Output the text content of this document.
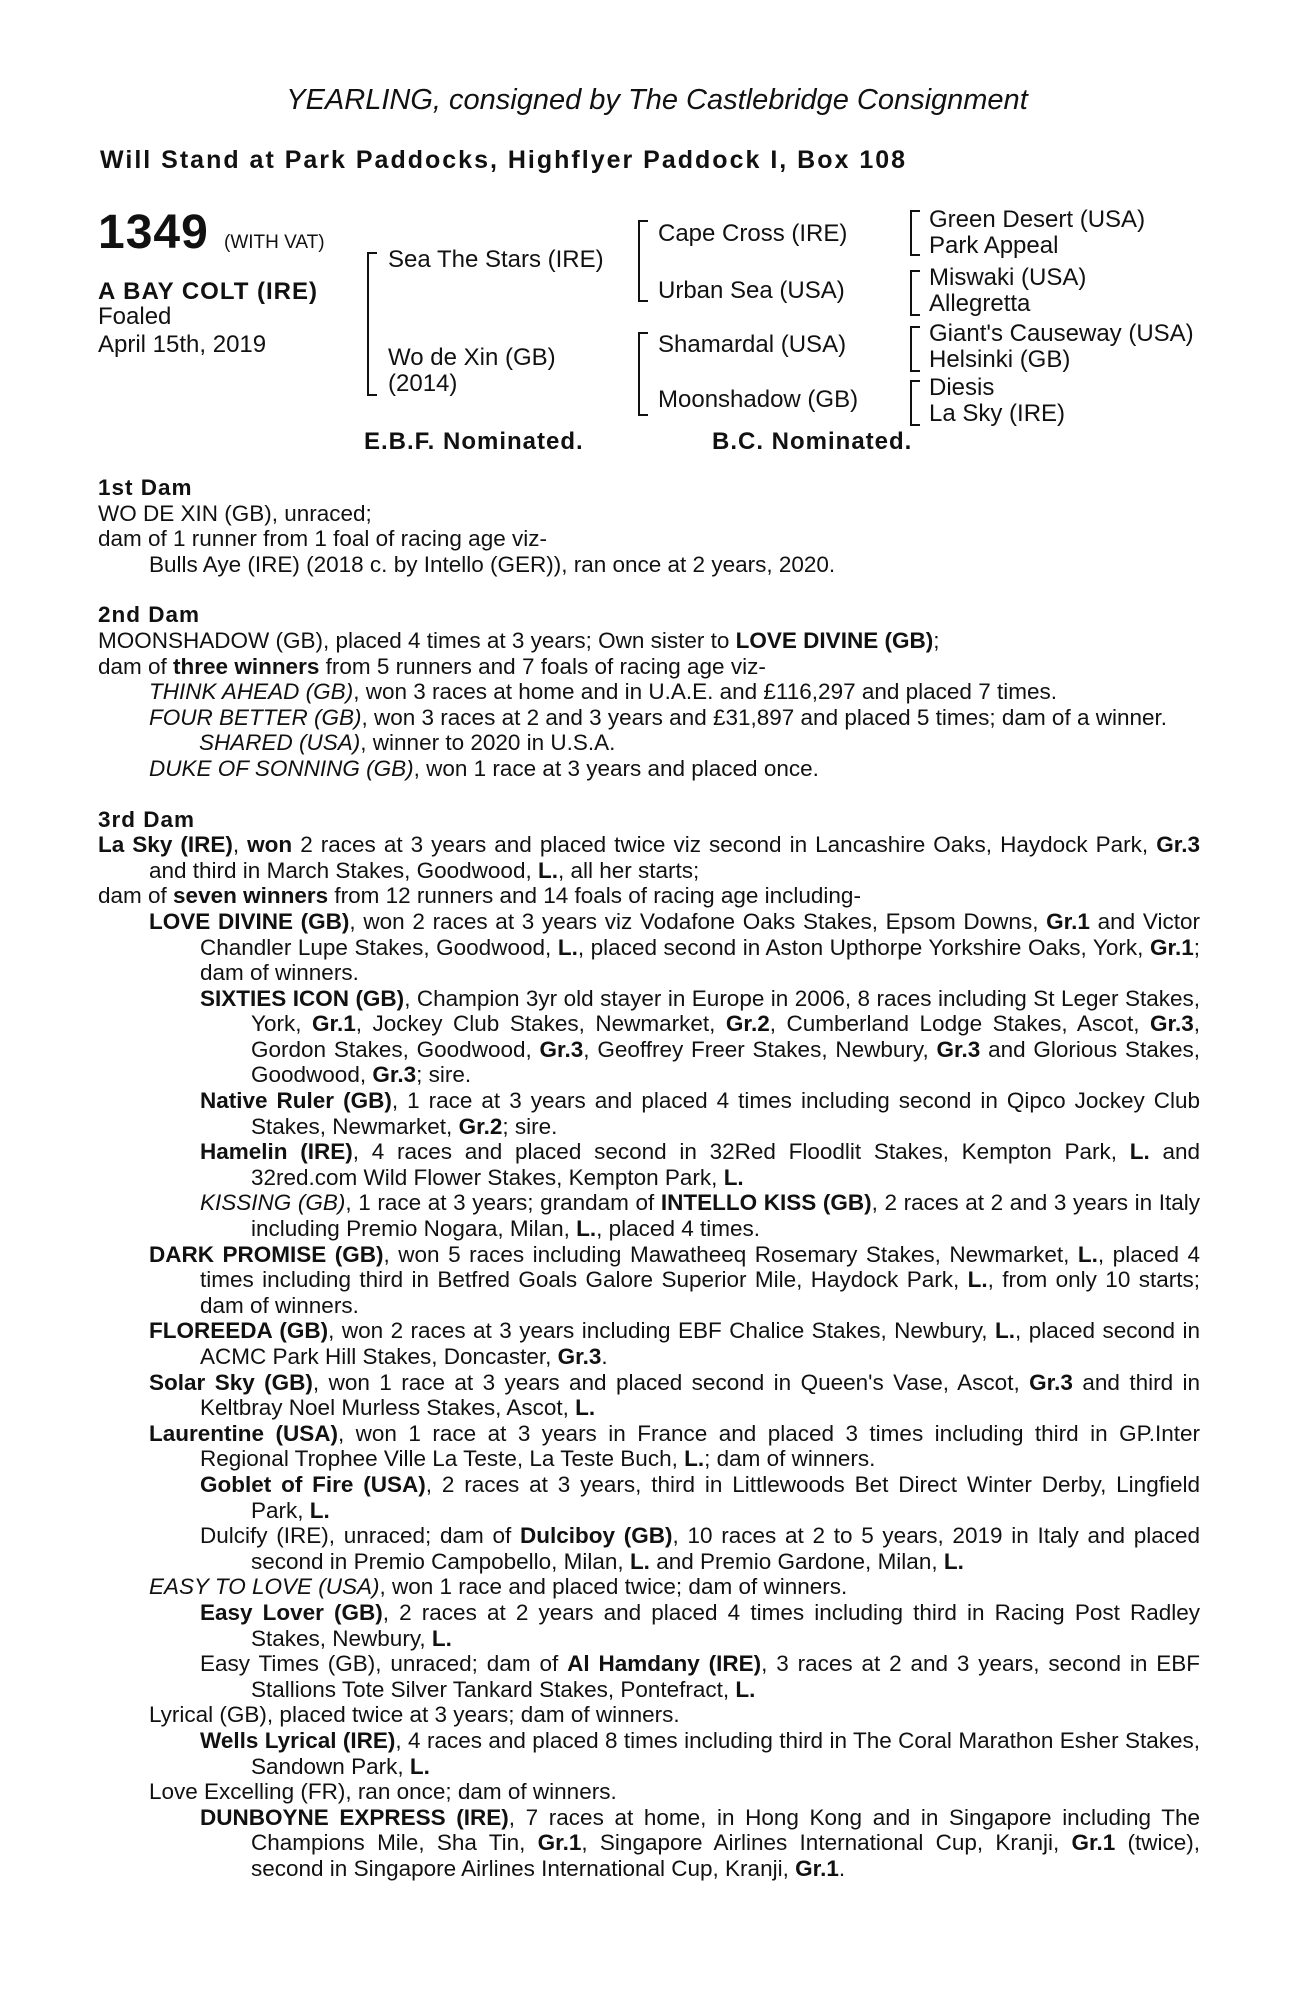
YEARLING, consigned by The Castlebridge Consignment
Will Stand at Park Paddocks, Highflyer Paddock I, Box 108
1349 (WITH VAT)
A BAY COLT (IRE)
Foaled
April 15th, 2019
Sea The Stars (IRE)
Wo de Xin (GB)
(2014)
Cape Cross (IRE)
Urban Sea (USA)
Shamardal (USA)
Moonshadow (GB)
Green Desert (USA)
Park Appeal
Miswaki (USA)
Allegretta
Giant's Causeway (USA)
Helsinki (GB)
Diesis
La Sky (IRE)
E.B.F. Nominated.	B.C. Nominated.

1st Dam

WO DE XIN (GB), unraced;

dam of 1 runner from 1 foal of racing age viz-

Bulls Aye (IRE) (2018 c. by Intello (GER)), ran once at 2 years, 2020.

2nd Dam

MOONSHADOW (GB), placed 4 times at 3 years; Own sister to LOVE DIVINE (GB);

dam of three winners from 5 runners and 7 foals of racing age viz-

THINK AHEAD (GB), won 3 races at home and in U.A.E. and £116,297 and placed 7 times.

FOUR BETTER (GB), won 3 races at 2 and 3 years and £31,897 and placed 5 times; dam of a winner.

SHARED (USA), winner to 2020 in U.S.A.

DUKE OF SONNING (GB), won 1 race at 3 years and placed once.

3rd Dam

La Sky (IRE), won 2 races at 3 years and placed twice viz second in Lancashire Oaks, Haydock Park, Gr.3 and third in March Stakes, Goodwood, L., all her starts;

dam of seven winners from 12 runners and 14 foals of racing age including-

LOVE DIVINE (GB), won 2 races at 3 years viz Vodafone Oaks Stakes, Epsom Downs, Gr.1 and Victor Chandler Lupe Stakes, Goodwood, L., placed second in Aston Upthorpe Yorkshire Oaks, York, Gr.1; dam of winners.

SIXTIES ICON (GB), Champion 3yr old stayer in Europe in 2006, 8 races including St Leger Stakes, York, Gr.1, Jockey Club Stakes, Newmarket, Gr.2, Cumberland Lodge Stakes, Ascot, Gr.3, Gordon Stakes, Goodwood, Gr.3, Geoffrey Freer Stakes, Newbury, Gr.3 and Glorious Stakes, Goodwood, Gr.3; sire.

Native Ruler (GB), 1 race at 3 years and placed 4 times including second in Qipco Jockey Club Stakes, Newmarket, Gr.2; sire.

Hamelin (IRE), 4 races and placed second in 32Red Floodlit Stakes, Kempton Park, L. and 32red.com Wild Flower Stakes, Kempton Park, L.

KISSING (GB), 1 race at 3 years; grandam of INTELLO KISS (GB), 2 races at 2 and 3 years in Italy including Premio Nogara, Milan, L., placed 4 times.

DARK PROMISE (GB), won 5 races including Mawatheeq Rosemary Stakes, Newmarket, L., placed 4 times including third in Betfred Goals Galore Superior Mile, Haydock Park, L., from only 10 starts; dam of winners.

FLOREEDA (GB), won 2 races at 3 years including EBF Chalice Stakes, Newbury, L., placed second in ACMC Park Hill Stakes, Doncaster, Gr.3.

Solar Sky (GB), won 1 race at 3 years and placed second in Queen's Vase, Ascot, Gr.3 and third in Keltbray Noel Murless Stakes, Ascot, L.

Laurentine (USA), won 1 race at 3 years in France and placed 3 times including third in GP.Inter Regional Trophee Ville La Teste, La Teste Buch, L.; dam of winners.

Goblet of Fire (USA), 2 races at 3 years, third in Littlewoods Bet Direct Winter Derby, Lingfield Park, L.

Dulcify (IRE), unraced; dam of Dulciboy (GB), 10 races at 2 to 5 years, 2019 in Italy and placed second in Premio Campobello, Milan, L. and Premio Gardone, Milan, L.

EASY TO LOVE (USA), won 1 race and placed twice; dam of winners.

Easy Lover (GB), 2 races at 2 years and placed 4 times including third in Racing Post Radley Stakes, Newbury, L.

Easy Times (GB), unraced; dam of Al Hamdany (IRE), 3 races at 2 and 3 years, second in EBF Stallions Tote Silver Tankard Stakes, Pontefract, L.

Lyrical (GB), placed twice at 3 years; dam of winners.

Wells Lyrical (IRE), 4 races and placed 8 times including third in The Coral Marathon Esher Stakes, Sandown Park, L.

Love Excelling (FR), ran once; dam of winners.

DUNBOYNE EXPRESS (IRE), 7 races at home, in Hong Kong and in Singapore including The Champions Mile, Sha Tin, Gr.1, Singapore Airlines International Cup, Kranji, Gr.1 (twice), second in Singapore Airlines International Cup, Kranji, Gr.1.
